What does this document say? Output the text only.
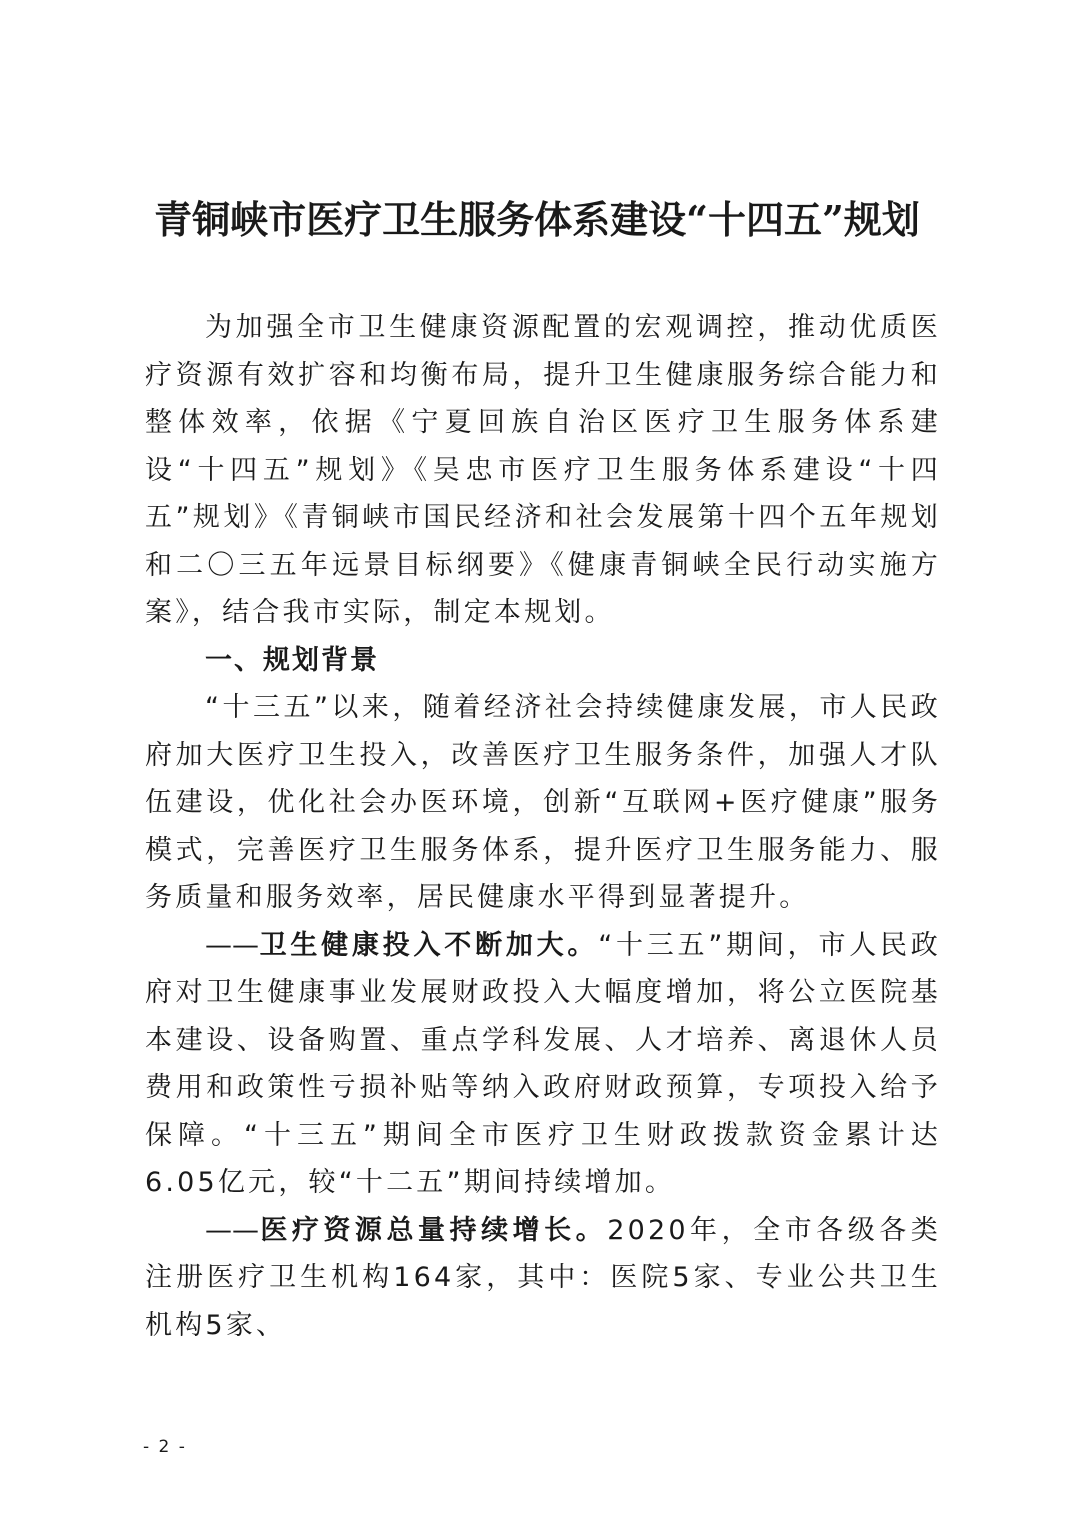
青铜峡市医疗卫生服务体系建设“十四五”规划

为加强全市卫生健康资源配置的宏观调控，推动优质医疗资源有效扩容和均衡布局，提升卫生健康服务综合能力和整体效率，依据《宁夏回族自治区医疗卫生服务体系建设“十四五”规划》《吴忠市医疗卫生服务体系建设“十四五”规划》《青铜峡市国民经济和社会发展第十四个五年规划和二〇三五年远景目标纲要》《健康青铜峡全民行动实施方案》，结合我市实际，制定本规划。

一、规划背景

“十三五”以来，随着经济社会持续健康发展，市人民政府加大医疗卫生投入，改善医疗卫生服务条件，加强人才队伍建设，优化社会办医环境，创新“互联网+医疗健康”服务模式，完善医疗卫生服务体系，提升医疗卫生服务能力、服务质量和服务效率，居民健康水平得到显著提升。

——卫生健康投入不断加大。“十三五”期间，市人民政府对卫生健康事业发展财政投入大幅度增加，将公立医院基本建设、设备购置、重点学科发展、人才培养、离退休人员费用和政策性亏损补贴等纳入政府财政预算，专项投入给予保障。“十三五”期间全市医疗卫生财政拨款资金累计达6.05亿元，较“十二五”期间持续增加。

——医疗资源总量持续增长。2020年，全市各级各类注册医疗卫生机构164家，其中：医院5家、专业公共卫生机构5家、

- 2 -
